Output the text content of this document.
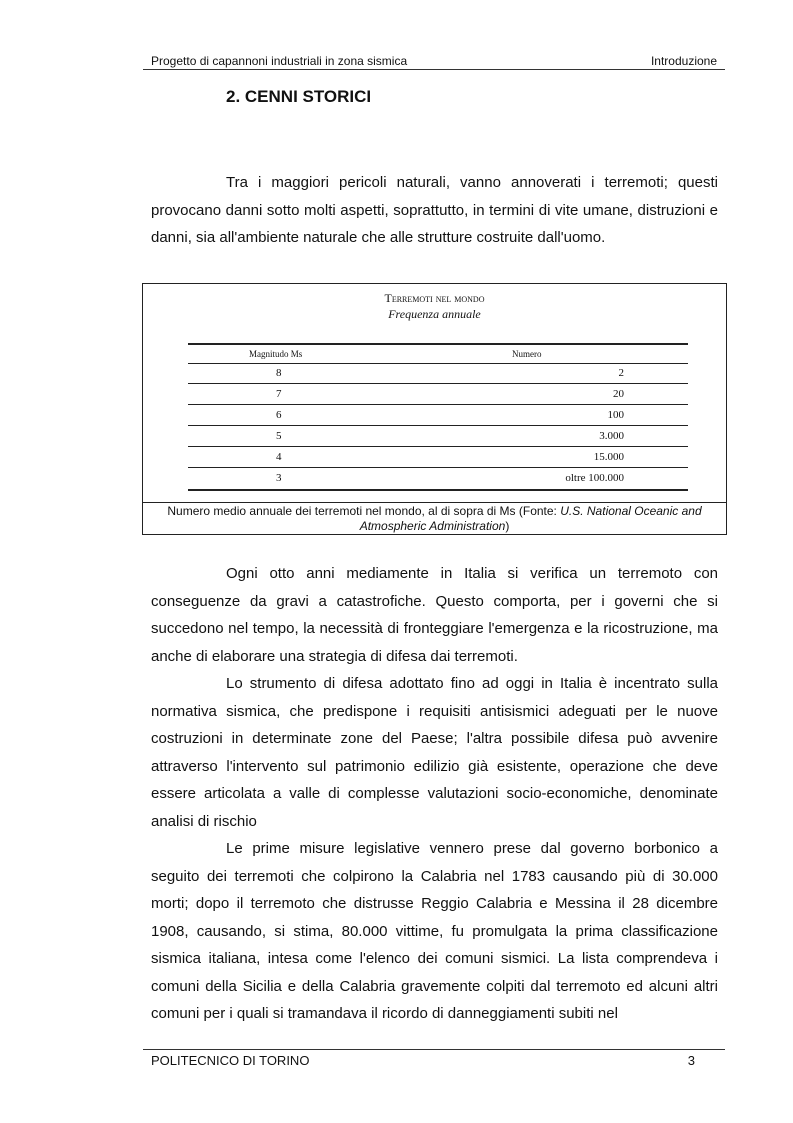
Progetto di capannoni industriali in zona sismica	Introduzione
2. CENNI STORICI

Tra i maggiori pericoli naturali, vanno annoverati i terremoti; questi provocano danni sotto molti aspetti, soprattutto, in termini di vite umane, distruzioni e danni, sia all'ambiente naturale che alle strutture costruite dall'uomo.

Terremoti nel mondo
Frequenza annuale
Magnitudo Ms	Numero
8	2
7	20
6	100
5	3.000
4	15.000
3	oltre 100.000
Numero medio annuale dei terremoti nel mondo, al di sopra di Ms (Fonte: U.S. National Oceanic and Atmospheric Administration)

Ogni otto anni mediamente in Italia si verifica un terremoto con conseguenze da gravi a catastrofiche. Questo comporta, per i governi che si succedono nel tempo, la necessità di fronteggiare l'emergenza e la ricostruzione, ma anche di elaborare una strategia di difesa dai terremoti.

Lo strumento di difesa adottato fino ad oggi in Italia è incentrato sulla normativa sismica, che predispone i requisiti antisismici adeguati per le nuove costruzioni in determinate zone del Paese; l'altra possibile difesa può avvenire attraverso l'intervento sul patrimonio edilizio già esistente, operazione che deve essere articolata a valle di complesse valutazioni socio-economiche, denominate analisi di rischio

Le prime misure legislative vennero prese dal governo borbonico a seguito dei terremoti che colpirono la Calabria nel 1783 causando più di 30.000 morti; dopo il terremoto che distrusse Reggio Calabria e Messina il 28 dicembre 1908, causando, si stima, 80.000 vittime, fu promulgata la prima classificazione sismica italiana, intesa come l'elenco dei comuni sismici. La lista comprendeva i comuni della Sicilia e della Calabria gravemente colpiti dal terremoto ed alcuni altri comuni per i quali si tramandava il ricordo di danneggiamenti subiti nel

POLITECNICO DI TORINO	3
